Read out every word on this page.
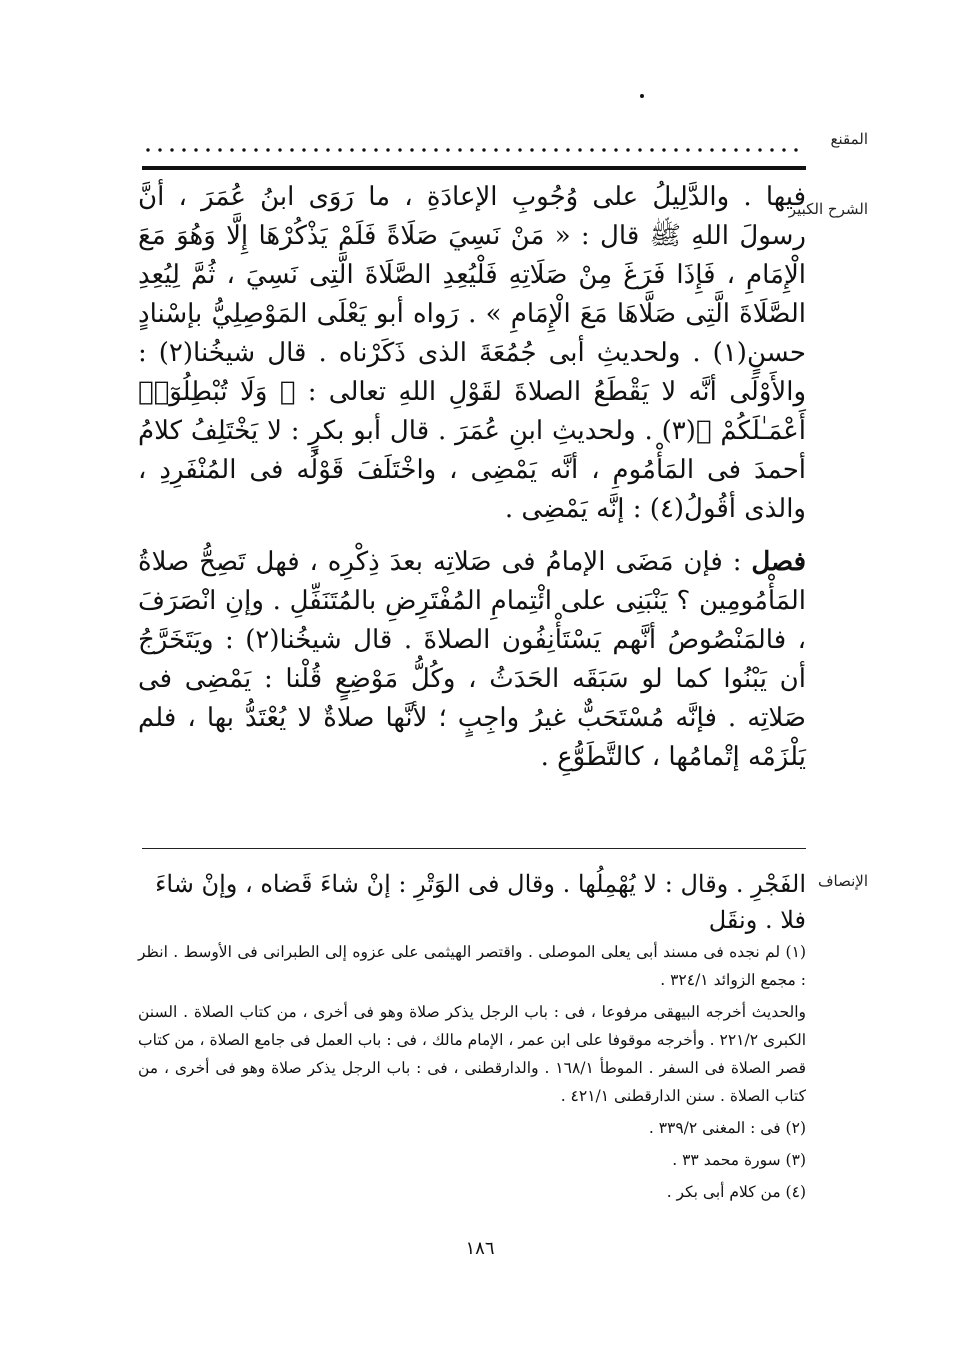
المقنع
الشرح الكبير

فيها . والدَّلِيلُ على وُجُوبِ الإعادَةِ ، ما رَوَى ابنُ عُمَرَ ، أنَّ رسولَ اللهِ ﷺ قال : « مَنْ نَسِيَ صَلَاةً فَلَمْ يَذْكُرْهَا إِلَّا وَهُوَ مَعَ الْإِمَامِ ، فَإِذَا فَرَغَ مِنْ صَلَاتِهِ فَلْيُعِدِ الصَّلَاةَ الَّتِى نَسِيَ ، ثُمَّ لِيُعِدِ الصَّلَاةَ الَّتِى صَلَّاهَا مَعَ الْإِمَامِ » . رَواه أبو يَعْلَى المَوْصِلِيُّ بإسْنادٍ حسنٍ(١) . ولحديثِ أبى جُمُعَةَ الذى ذَكَرْناه . قال شيخُنا(٢) : والأَوْلَى أنَّه لا يَقْطَعُ الصلاةَ لقَوْلِ اللهِ تعالى : ﴿ وَلَا تُبْطِلُوٓا۟ أَعْمَـٰلَكُمْ ﴾(٣) . ولحديثِ ابنِ عُمَرَ . قال أبو بكرٍ : لا يَخْتَلِفُ كلامُ أحمدَ فى المَأْمُومِ ، أنَّه يَمْضِى ، واخْتَلَفَ قَوْلُه فى المُنْفَرِدِ ، والذى أقُولُ(٤) : إنَّه يَمْضِى .

فصل : فإن مَضَى الإمامُ فى صَلاتِه بعدَ ذِكْرِه ، فهل تَصِحُّ صلاةُ المَأْمُومِين ؟ يَنْبَنِى على ائْتِمامِ المُفْتَرِضِ بالمُتَنَفِّلِ . وإنِ انْصَرَفَ ، فالمَنْصُوصُ أنَّهم يَسْتَأْنِفُون الصلاةَ . قال شيخُنا(٢) : ويَتَخَرَّجُ أن يَبْنُوا كما لو سَبَقَه الحَدَثُ ، وكُلُّ مَوْضِعٍ قُلْنا : يَمْضِى فى صَلاتِه . فإنَّه مُسْتَحَبٌّ غيرُ واجِبٍ ؛ لأنَّها صلاةٌ لا يُعْتَدُّ بها ، فلم يَلْزَمْه إتْمامُها ، كالتَّطَوُّعِ .

الإنصاف
الفَجْرِ . وقال : لا يُهْمِلُها . وقال فى الوَتْرِ : إنْ شاءَ قَضاه ، وإنْ شاءَ فلا . ونقَل

(١) لم نجده فى مسند أبى يعلى الموصلى . واقتصر الهيثمى على عزوه إلى الطبرانى فى الأوسط . انظر : مجمع الزوائد ٣٢٤/١ .

والحديث أخرجه البيهقى مرفوعا ، فى : باب الرجل يذكر صلاة وهو فى أخرى ، من كتاب الصلاة . السنن الكبرى ٢٢١/٢ . وأخرجه موقوفا على ابن عمر ، الإمام مالك ، فى : باب العمل فى جامع الصلاة ، من كتاب قصر الصلاة فى السفر . الموطأ ١٦٨/١ . والدارقطنى ، فى : باب الرجل يذكر صلاة وهو فى أخرى ، من كتاب الصلاة . سنن الدارقطنى ٤٢١/١ .

(٢) فى : المغنى ٣٣٩/٢ .

(٣) سورة محمد ٣٣ .

(٤) من كلام أبى بكر .

١٨٦
